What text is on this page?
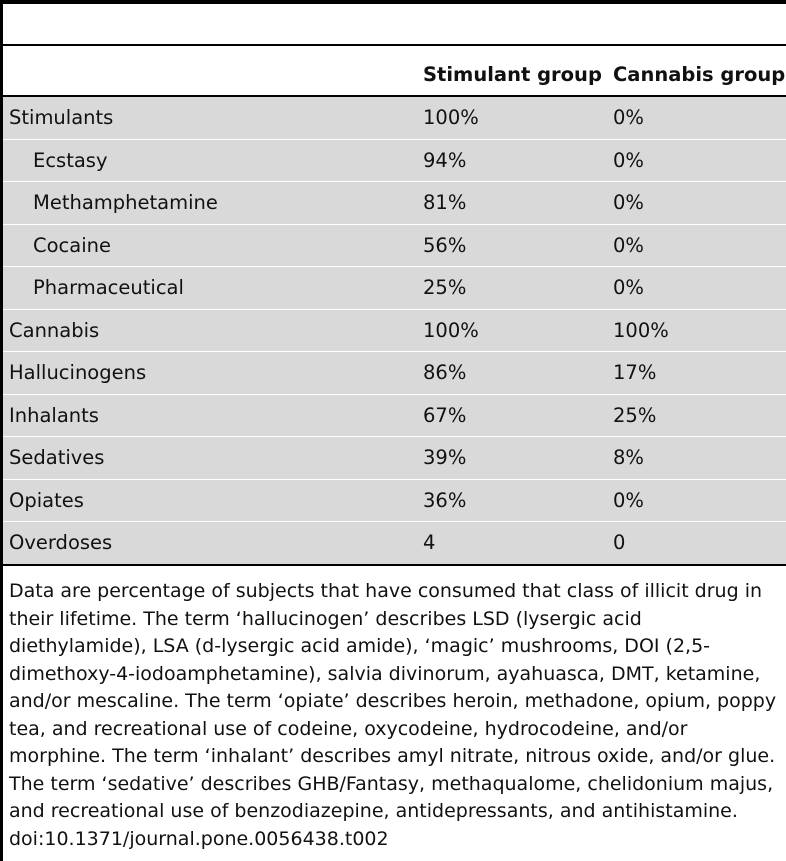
	Stimulant group	Cannabis group
Stimulants	100%	0%
Ecstasy	94%	0%
Methamphetamine	81%	0%
Cocaine	56%	0%
Pharmaceutical	25%	0%
Cannabis	100%	100%
Hallucinogens	86%	17%
Inhalants	67%	25%
Sedatives	39%	8%
Opiates	36%	0%
Overdoses	4	0

Data are percentage of subjects that have consumed that class of illicit drug in their lifetime. The term ‘hallucinogen’ describes LSD (lysergic acid diethylamide), LSA (d-lysergic acid amide), ‘magic’ mushrooms, DOI (2,5-dimethoxy-4-iodoamphetamine), salvia divinorum, ayahuasca, DMT, ketamine, and/or mescaline. The term ‘opiate’ describes heroin, methadone, opium, poppy tea, and recreational use of codeine, oxycodeine, hydrocodeine, and/or morphine. The term ‘inhalant’ describes amyl nitrate, nitrous oxide, and/or glue. The term ‘sedative’ describes GHB/Fantasy, methaqualome, chelidonium majus, and recreational use of benzodiazepine, antidepressants, and antihistamine.

doi:10.1371/journal.pone.0056438.t002
